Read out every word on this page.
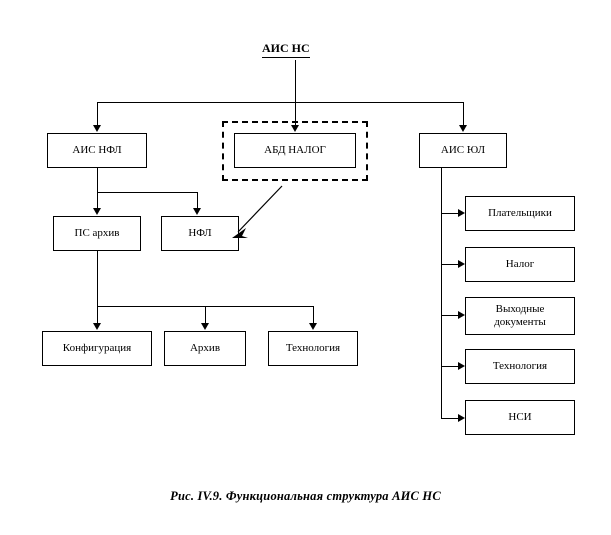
АИС НС
АИС НФЛ	АБД НАЛОГ	АИС ЮЛ
ПС архив	НФЛ
Конфигурация	Архив	Технология
Плательщики
Налог
Выходные документы
Технология
НСИ
Рис. IV.9. Функциональная структура АИС НС
